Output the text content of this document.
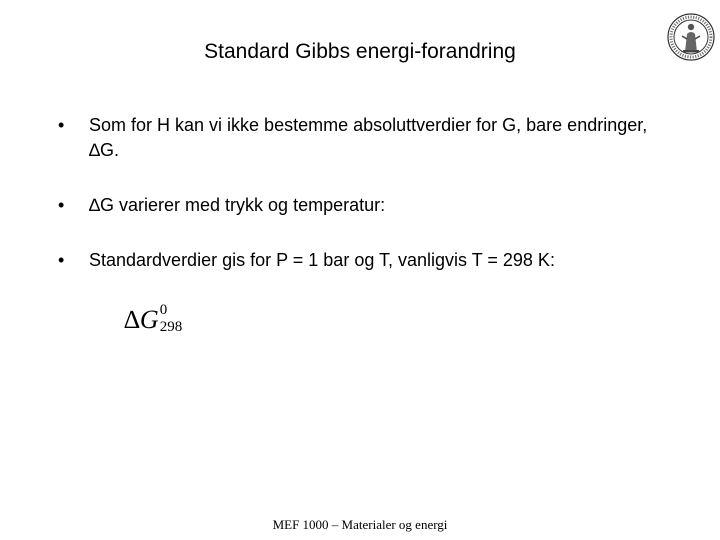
Standard Gibbs energi-forandring
• Som for H kan vi ikke bestemme absoluttverdier for G, bare endringer, ∆G.
• ∆G varierer med trykk og temperatur:
• Standardverdier gis for P = 1 bar og T, vanligvis T = 298 K:
∆G 0
298
MEF 1000 – Materialer og energi
